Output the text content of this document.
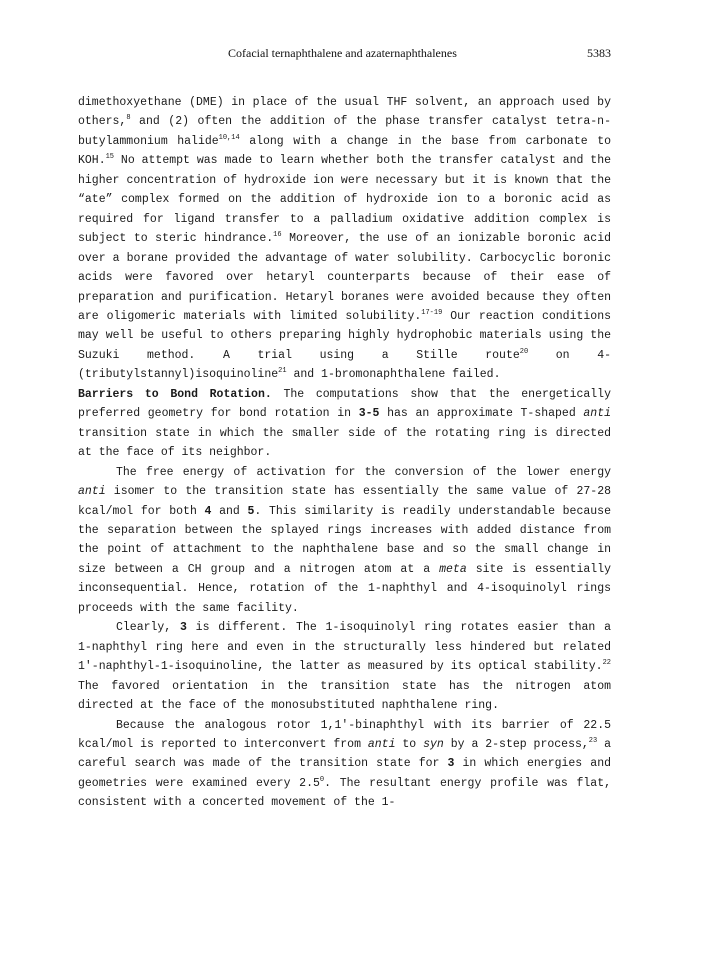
Cofacial ternaphthalene and azaternaphthalenes	5383

dimethoxyethane (DME) in place of the usual THF solvent, an approach used by others,$^8$ and (2) often the addition of the phase transfer catalyst tetra-n-butylammonium halide$^{10,14}$ along with a change in the base from carbonate to KOH.$^{15}$ No attempt was made to learn whether both the transfer catalyst and the higher concentration of hydroxide ion were necessary but it is known that the “ate” complex formed on the addition of hydroxide ion to a boronic acid as required for ligand transfer to a palladium oxidative addition complex is subject to steric hindrance.$^{16}$ Moreover, the use of an ionizable boronic acid over a borane provided the advantage of water solubility. Carbocyclic boronic acids were favored over hetaryl counterparts because of their ease of preparation and purification. Hetaryl boranes were avoided because they often are oligomeric materials with limited solubility.$^{17-19}$ Our reaction conditions may well be useful to others preparing highly hydrophobic materials using the Suzuki method. A trial using a Stille route$^{20}$ on 4-(tributylstannyl)isoquinoline$^{21}$ and 1-bromonaphthalene failed.

Barriers to Bond Rotation. The computations show that the energetically preferred geometry for bond rotation in 3-5 has an approximate T-shaped anti transition state in which the smaller side of the rotating ring is directed at the face of its neighbor.

The free energy of activation for the conversion of the lower energy anti isomer to the transition state has essentially the same value of 27-28 kcal/mol for both 4 and 5. This similarity is readily understandable because the separation between the splayed rings increases with added distance from the point of attachment to the naphthalene base and so the small change in size between a CH group and a nitrogen atom at a meta site is essentially inconsequential. Hence, rotation of the 1-naphthyl and 4-isoquinolyl rings proceeds with the same facility.

Clearly, 3 is different. The 1-isoquinolyl ring rotates easier than a 1-naphthyl ring here and even in the structurally less hindered but related 1′-naphthyl-1-isoquinoline, the latter as measured by its optical stability.$^{22}$ The favored orientation in the transition state has the nitrogen atom directed at the face of the monosubstituted naphthalene ring.

Because the analogous rotor 1,1′-binaphthyl with its barrier of 22.5 kcal/mol is reported to interconvert from anti to syn by a 2-step process,$^{23}$ a careful search was made of the transition state for 3 in which energies and geometries were examined every $2.5^0$. The resultant energy profile was flat, consistent with a concerted movement of the 1-
